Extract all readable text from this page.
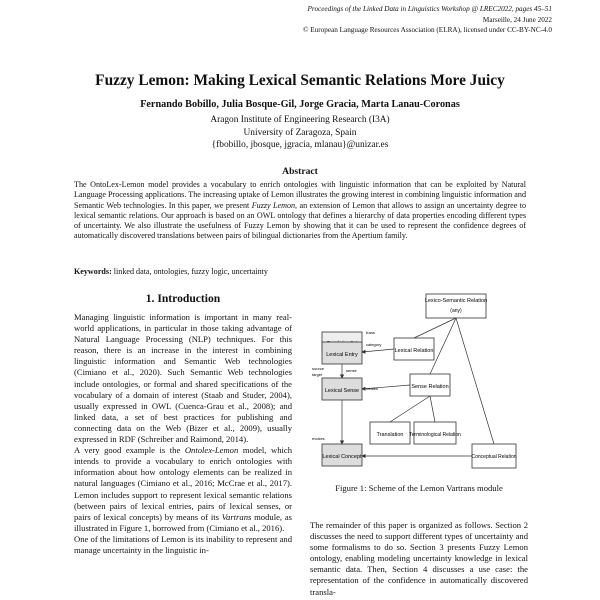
Proceedings of the Linked Data in Linguistics Workshop @ LREC2022, pages 45–51
Marseille, 24 June 2022
© European Language Resources Association (ELRA), licensed under CC-BY-NC-4.0
Fuzzy Lemon: Making Lexical Semantic Relations More Juicy
Fernando Bobillo, Julia Bosque-Gil, Jorge Gracia, Marta Lanau-Coronas
Aragon Institute of Engineering Research (I3A)
University of Zaragoza, Spain
{fbobillo, jbosque, jgracia, mlanau}@unizar.es
Abstract
The OntoLex-Lemon model provides a vocabulary to enrich ontologies with linguistic information that can be exploited by Natural Language Processing applications. The increasing uptake of Lemon illustrates the growing interest in combining linguistic information and Semantic Web technologies. In this paper, we present Fuzzy Lemon, an extension of Lemon that allows to assign an uncertainty degree to lexical semantic relations. Our approach is based on an OWL ontology that defines a hierarchy of data properties encoding different types of uncertainty. We also illustrate the usefulness of Fuzzy Lemon by showing that it can be used to represent the confidence degrees of automatically discovered translations between pairs of bilingual dictionaries from the Apertium family.
Keywords: linked data, ontologies, fuzzy logic, uncertainty
1. Introduction

Managing linguistic information is important in many real-world applications, in particular in those taking advantage of Natural Language Processing (NLP) techniques. For this reason, there is an increase in the interest in combining linguistic information and Semantic Web technologies (Cimiano et al., 2020). Such Semantic Web technologies include ontologies, or formal and shared specifications of the vocabulary of a domain of interest (Staab and Studer, 2004), usually expressed in OWL (Cuenca-Grau et al., 2008); and linked data, a set of best practices for publishing and connecting data on the Web (Bizer et al., 2009), usually expressed in RDF (Schreiber and Raimond, 2014).

A very good example is the Ontolex-Lemon model, which intends to provide a vocabulary to enrich ontologies with information about how ontology elements can be realized in natural languages (Cimiano et al., 2016; McCrae et al., 2017). Lemon includes support to represent lexical semantic relations (between pairs of lexical entries, pairs of lexical senses, or pairs of lexical concepts) by means of its Vartrans module, as illustrated in Figure 1, borrowed from (Cimiano et al., 2016).

One of the limitations of Lemon is its inability to represent and manage uncertainty in the linguistic in-

Lexico-Semantic Relation
(any)
Lexical Entry
Lexical Relation
Lexical Sense
Sense Relation
Translation Terminological Relation
Lexical Concept	Conceptual Relation
source
target
relates
category
evokes
sense
trans
Figure 1: Scheme of the Lemon Vartrans module
The remainder of this paper is organized as follows. Section 2 discusses the need to support different types of uncertainty and some formalisms to do so. Section 3 presents Fuzzy Lemon ontology, enabling modeling uncertainty knowledge in lexical semantic data. Then, Section 4 discusses a use case: the representation of the confidence in automatically discovered transla-
